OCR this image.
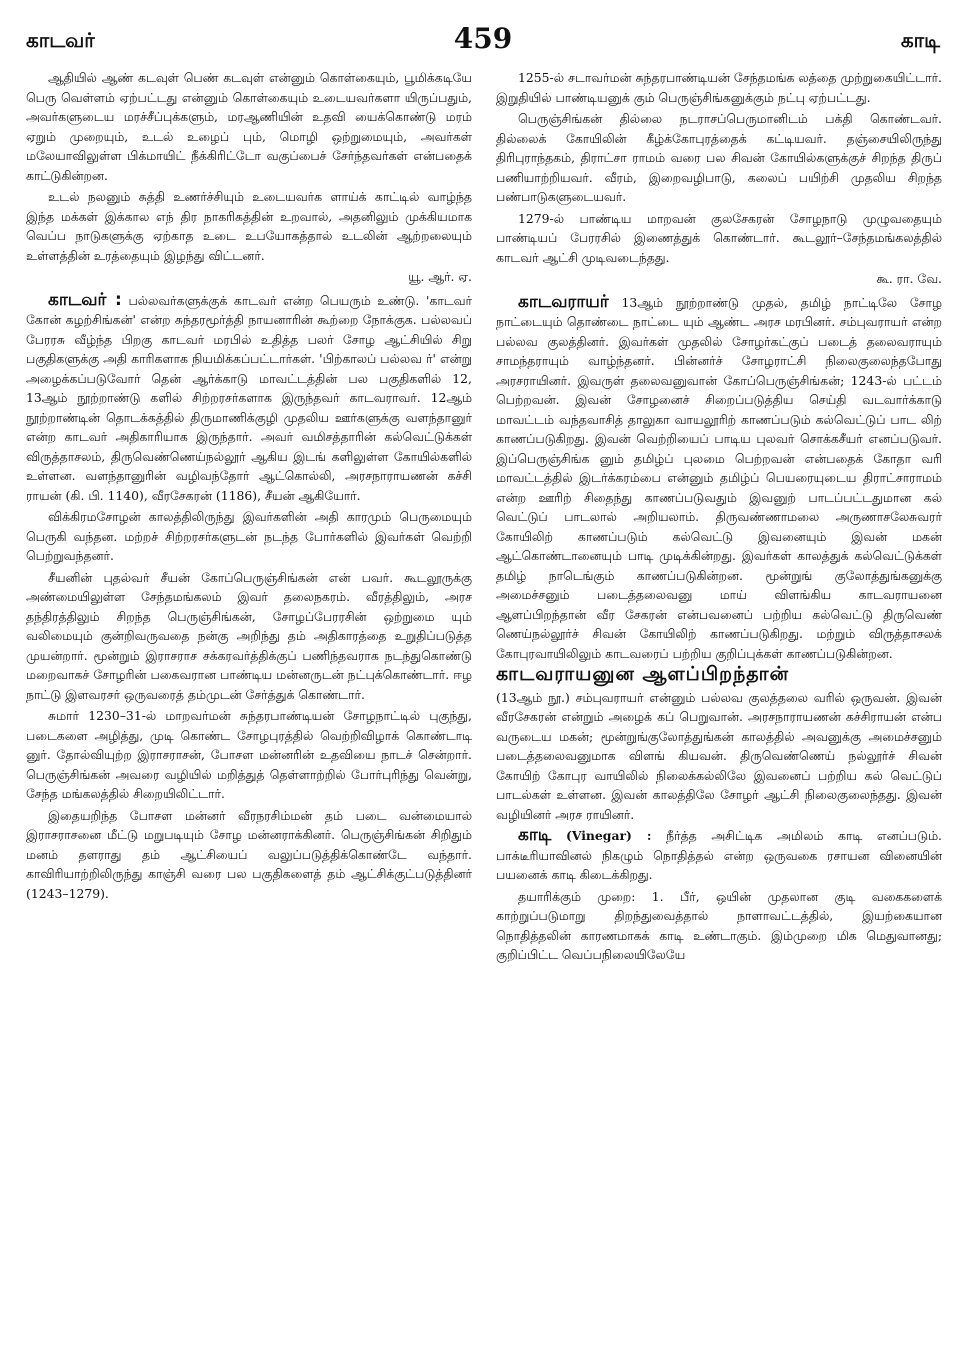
காடவர்	459	காடி

ஆதியில் ஆண் கடவுள் பெண் கடவுள் என்னும் கொள்கையும், பூமிக்கடியே பெரு வெள்ளம் ஏற்பட்டது என்னும் கொள்கையும் உடையவர்களா யிருப்பதும், அவர்களுடைய மரச்சீப்புக்களும், மரஆணியின் உதவி யைக்கொண்டு மரம் ஏறும் முறையும், உடல் உழைப் பும், மொழி ஒற்றுமையும், அவர்கள் மலேயாவிலுள்ள பிக்மாயிட் நீக்கிரிட்டோ வகுப்பைச் சேர்ந்தவர்கள் என்பதைக் காட்டுகின்றன.

உடல் நலனும் சுத்தி உணர்ச்சியும் உடையவர்க ளாய்க் காட்டில் வாழ்ந்த இந்த மக்கள் இக்கால எந் திர நாகரிகத்தின் உறவால், அதனிலும் முக்கியமாக வெப்ப நாடுகளுக்கு ஏற்காத உடை உபயோகத்தால் உடலின் ஆற்றலையும் உள்ளத்தின் உரத்தையும் இழந்து விட்டனர்.

யூ. ஆர். ஏ.

காடவர் : பல்லவர்களுக்குக் காடவர் என்ற பெயரும் உண்டு. 'காடவர் கோன் கழற்சிங்கன்' என்ற சுந்தரமூர்த்தி நாயனாரின் கூற்றை நோக்குக. பல்லவப் பேரரசு வீழ்ந்த பிறகு காடவர் மரபில் உதித்த பலர் சோழ ஆட்சியில் சிறு பகுதிகளுக்கு அதி காரிகளாக நியமிக்கப்பட்டார்கள். 'பிற்காலப் பல்லவ ர்' என்று அழைக்கப்படுவோர் தென் ஆர்க்காடு மாவட்டத்தின் பல பகுதிகளில் 12, 13ஆம் நூற்றாண்டு களில் சிற்றரசர்களாக இருந்தவர் காடவராவர். 12ஆம் நூற்றாண்டின் தொடக்கத்தில் திருமாணிக்குழி முதலிய ஊர்களுக்கு வளந்தானுர் என்ற காடவர் அதிகாரியாக இருந்தார். அவர் வமிசத்தாரின் கல்வெட்டுக்கள் விருத்தாசலம், திருவெண்ணெய்நல்லூர் ஆகிய இடங் களிலுள்ள கோயில்களில் உள்ளன. வளந்தானுரின் வழிவந்தோர் ஆட்கொல்லி, அரசநாராயணன் கச்சி ராயன் (கி. பி. 1140), வீரசேகரன் (1186), சீயன் ஆகியோர்.

விக்கிரமசோழன் காலத்திலிருந்து இவர்களின் அதி காரமும் பெருமையும் பெருகி வந்தன. மற்றச் சிற்றரசர்களுடன் நடந்த போர்களில் இவர்கள் வெற்றி பெற்றுவந்தனர்.

சீயனின் புதல்வர் சீயன் கோப்பெருஞ்சிங்கன் என் பவர். கூடலூருக்கு அண்மையிலுள்ள சேந்தமங்கலம் இவர் தலைநகரம். வீரத்திலும், அரச தந்திரத்திலும் சிறந்த பெருஞ்சிங்கன், சோழப்பேரரசின் ஒற்றுமை யும் வலிமையும் குன்றிவருவதை நன்கு அறிந்து தம் அதிகாரத்தை உறுதிப்படுத்த முயன்றார். மூன்றும் இராசராச சக்கரவர்த்திக்குப் பணிந்தவராக நடந்துகொண்டு மறைவாகச் சோழரின் பகைவரான பாண்டிய மன்னருடன் நட்புக்கொண்டார். ஈழ நாட்டு இளவரசர் ஒருவரைத் தம்முடன் சேர்த்துக் கொண்டார்.

சுமார் 1230–31-ல் மாறவர்மன் சுந்தரபாண்டியன் சோழநாட்டில் புகுந்து, படைகளை அழித்து, முடி கொண்ட சோழபுரத்தில் வெற்றிவிழாக் கொண்டாடி னுர். தோல்வியுற்ற இராசராசன், போசள மன்னரின் உதவியை நாடச் சென்றார். பெருஞ்சிங்கன் அவரை வழியில் மறித்துத் தெள்ளாற்றில் போர்புரிந்து வென்று, சேந்த மங்கலத்தில் சிறையிலிட்டார்.

இதையறிந்த போசள மன்னர் வீரநரசிம்மன் தம் படை வன்மையால் இராசராசனை மீட்டு மறுபடியும் சோழ மன்னராக்கினர். பெருஞ்சிங்கன் சிறிதும் மனம் தளராது தம் ஆட்சியைப் வலுப்படுத்திக்கொண்டே வந்தார். காவிரியாற்றிலிருந்து காஞ்சி வரை பல பகுதிகளைத் தம் ஆட்சிக்குட்படுத்தினர் (1243–1279).

1255-ல் சடாவர்மன் சுந்தரபாண்டியன் சேந்தமங்க லத்தை முற்றுகையிட்டார். இறுதியில் பாண்டியனுக் கும் பெருஞ்சிங்கனுக்கும் நட்பு ஏற்பட்டது.

பெருஞ்சிங்கன் தில்லை நடராசப்பெருமானிடம் பக்தி கொண்டவர். தில்லைக் கோயிலின் கீழ்க்கோபுரத்தைக் கட்டியவர். தஞ்சையிலிருந்து திரிபுராந்தகம், திராட்சா ராமம் வரை பல சிவன் கோயில்களுக்குச் சிறந்த திருப் பணியாற்றியவர். வீரம், இறைவழிபாடு, கலைப் பயிற்சி முதலிய சிறந்த பண்பாடுகளுடையவர்.

1279-ல் பாண்டிய மாறவன் குலசேகரன் சோழநாடு முழுவதையும் பாண்டியப் பேரரசில் இணைத்துக் கொண்டார். கூடலூர்–சேந்தமங்கலத்தில் காடவர் ஆட்சி முடிவடைந்தது.

கூ. ரா. வே.

காடவராயர் 13ஆம் நூற்றாண்டு முதல், தமிழ் நாட்டிலே சோழ நாட்டையும் தொண்டை நாட்டை யும் ஆண்ட அரச மரபினர். சம்புவராயர் என்ற பல்லவ குலத்தினர். இவர்கள் முதலில் சோழர்கட்குப் படைத் தலைவராயும் சாமந்தராயும் வாழ்ந்தனர். பின்னர்ச் சோழராட்சி நிலைகுலைந்தபோது அரசராயினர். இவருள் தலைவனுவான் கோப்பெருஞ்சிங்கன்; 1243-ல் பட்டம் பெற்றவன். இவன் சோழனைச் சிறைப்படுத்திய செய்தி வடவார்க்காடு மாவட்டம் வந்தவாசித் தாலுகா வாயலூரிற் காணப்படும் கல்வெட்டுப் பாட லிற் காணப்படுகிறது. இவன் வெற்றியைப் பாடிய புலவர் சொக்கசீயர் எனப்படுவர். இப்பெருஞ்சிங்க னும் தமிழ்ப் புலமை பெற்றவன் என்பதைக் கோதா வரி மாவட்டத்தில் இடர்க்கரம்பை என்னும் தமிழ்ப் பெயரையுடைய திராட்சாராமம் என்ற ஊரிற் சிதைந்து காணப்படுவதும் இவனுற் பாடப்பட்டதுமான கல் வெட்டுப் பாடலால் அறியலாம். திருவண்ணாமலை அருணாசலேசுவரர் கோயிலிற் காணப்படும் கல்வெட்டு இவனையும் இவன் மகன் ஆட்கொண்டானையும் பாடி முடிக்கின்றது. இவர்கள் காலத்துக் கல்வெட்டுக்கள் தமிழ் நாடெங்கும் காணப்படுகின்றன. மூன்றுங் குலோத்துங்கனுக்கு அமைச்சனும் படைத்தலைவனு மாய் விளங்கிய காடவராயனை ஆளப்பிறந்தான் வீர சேகரன் என்பவனைப் பற்றிய கல்வெட்டு திருவெண் ணெய்நல்லூர்ச் சிவன் கோயிலிற் காணப்படுகிறது. மற்றும் விருத்தாசலக் கோபுரவாயிலிலும் காடவரைப் பற்றிய குறிப்புக்கள் காணப்படுகின்றன.

காடவராயனுன ஆளப்பிறந்தான்

(13ஆம் நூ.) சம்புவராயர் என்னும் பல்லவ குலத்தலை வரில் ஒருவன். இவன் வீரசேகரன் என்றும் அழைக் கப் பெறுவான். அரசநாராயணன் கச்சிராயன் என்ப வருடைய மகன்; மூன்றுங்குலோத்துங்கன் காலத்தில் அவனுக்கு அமைச்சனும் படைத்தலைவனுமாக விளங் கியவன். திருவெண்ணெய் நல்லூர்ச் சிவன் கோயிற் கோபுர வாயிலில் நிலைக்கல்லிலே இவனைப் பற்றிய கல் வெட்டுப் பாடல்கள் உள்ளன. இவன் காலத்திலே சோழர் ஆட்சி நிலைகுலைந்தது. இவன் வழியினர் அரச ராயினர்.

காடி (Vinegar) : நீர்த்த அசிட்டிக அமிலம் காடி எனப்படும். பாக்டீரியாவினல் நிகழும் நொதித்தல் என்ற ஒருவகை ரசாயன வினையின் பயனைக் காடி கிடைக்கிறது.

தயாரிக்கும் முறை: 1. பீர், ஒயின் முதலான குடி வகைகளைக் காற்றுப்படுமாறு திறந்துவைத்தால் நாளாவட்டத்தில், இயற்கையான நொதித்தலின் காரணமாகக் காடி உண்டாகும். இம்முறை மிக மெதுவானது; குறிப்பிட்ட வெப்பநிலையிலேயே
